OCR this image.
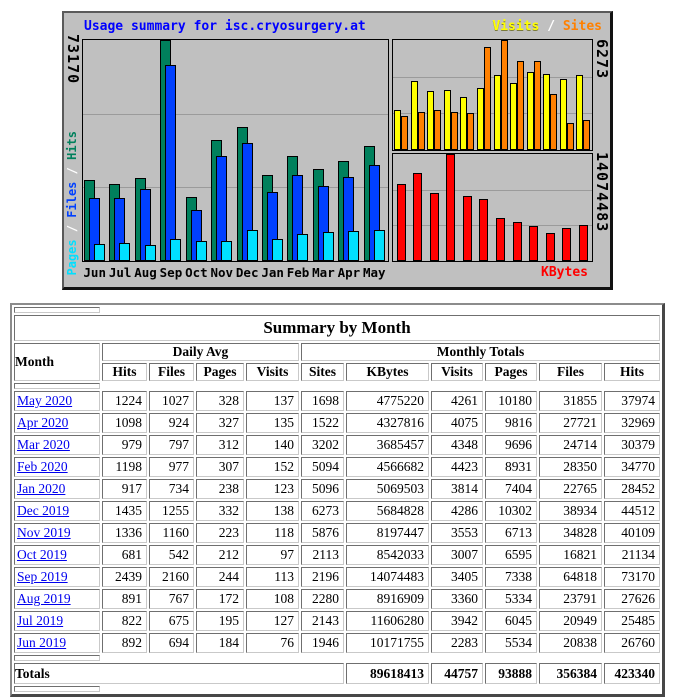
Usage summary for isc.cryosurgery.at	Visits / Sites
73170	6273
14074483
Pages / Files / Hits
Jun Jul Aug Sep Oct Nov Dec Jan Feb Mar Apr May	KBytes

Summary by Month										
Month	Daily Avg				Monthly Totals					
	Hits	Files	Pages	Visits	Sites	KBytes	Visits	Pages	Files	Hits

May 2020	1224	1027	328	137	1698	4775220	4261	10180	31855	37974
Apr 2020	1098	924	327	135	1522	4327816	4075	9816	27721	32969
Mar 2020	979	797	312	140	3202	3685457	4348	9696	24714	30379
Feb 2020	1198	977	307	152	5094	4566682	4423	8931	28350	34770
Jan 2020	917	734	238	123	5096	5069503	3814	7404	22765	28452
Dec 2019	1435	1255	332	138	6273	5684828	4286	10302	38934	44512
Nov 2019	1336	1160	223	118	5876	8197447	3553	6713	34828	40109
Oct 2019	681	542	212	97	2113	8542033	3007	6595	16821	21134
Sep 2019	2439	2160	244	113	2196	14074483	3405	7338	64818	73170
Aug 2019	891	767	172	108	2280	8916909	3360	5334	23791	27626
Jul 2019	822	675	195	127	2143	11606280	3942	6045	20949	25485
Jun 2019	892	694	184	76	1946	10171755	2283	5534	20838	26760

Totals						89618413	44757	93888	356384	423340
